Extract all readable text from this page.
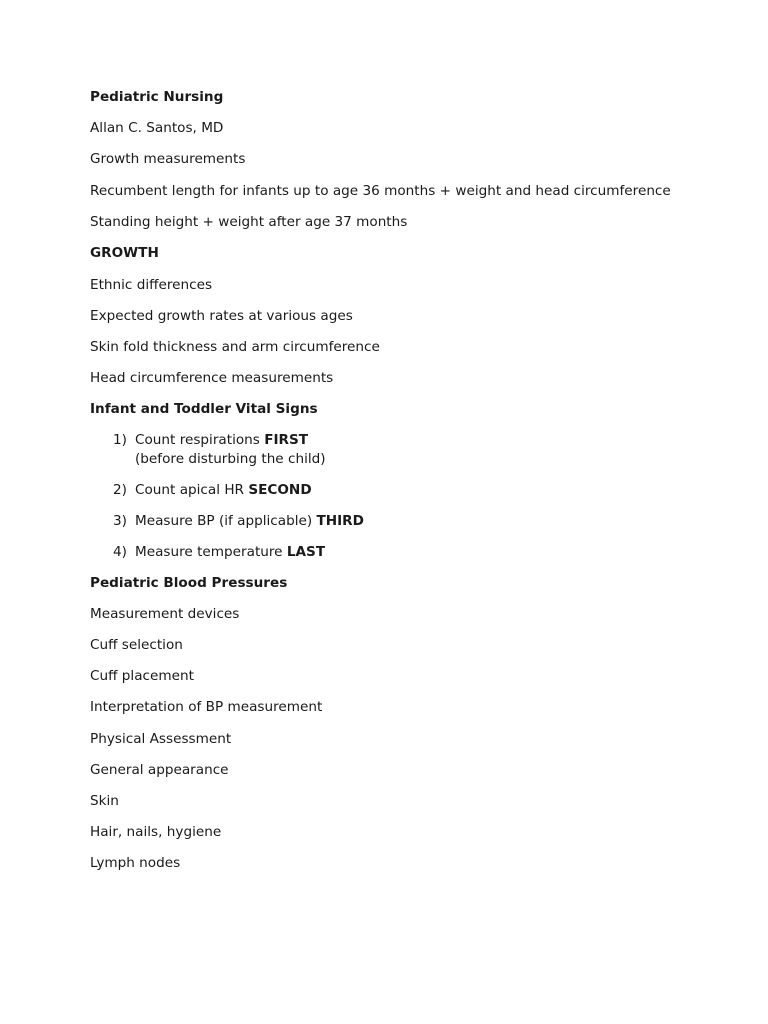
Pediatric Nursing

Allan C. Santos, MD

Growth measurements

Recumbent length for infants up to age 36 months + weight and head circumference

Standing height + weight after age 37 months

GROWTH

Ethnic differences

Expected growth rates at various ages

Skin fold thickness and arm circumference

Head circumference measurements

Infant and Toddler Vital Signs

1) Count respirations FIRST
(before disturbing the child)
2) Count apical HR SECOND
3) Measure BP (if applicable) THIRD
4) Measure temperature LAST

Pediatric Blood Pressures

Measurement devices

Cuff selection

Cuff placement

Interpretation of BP measurement

Physical Assessment

General appearance

Skin

Hair, nails, hygiene

Lymph nodes
